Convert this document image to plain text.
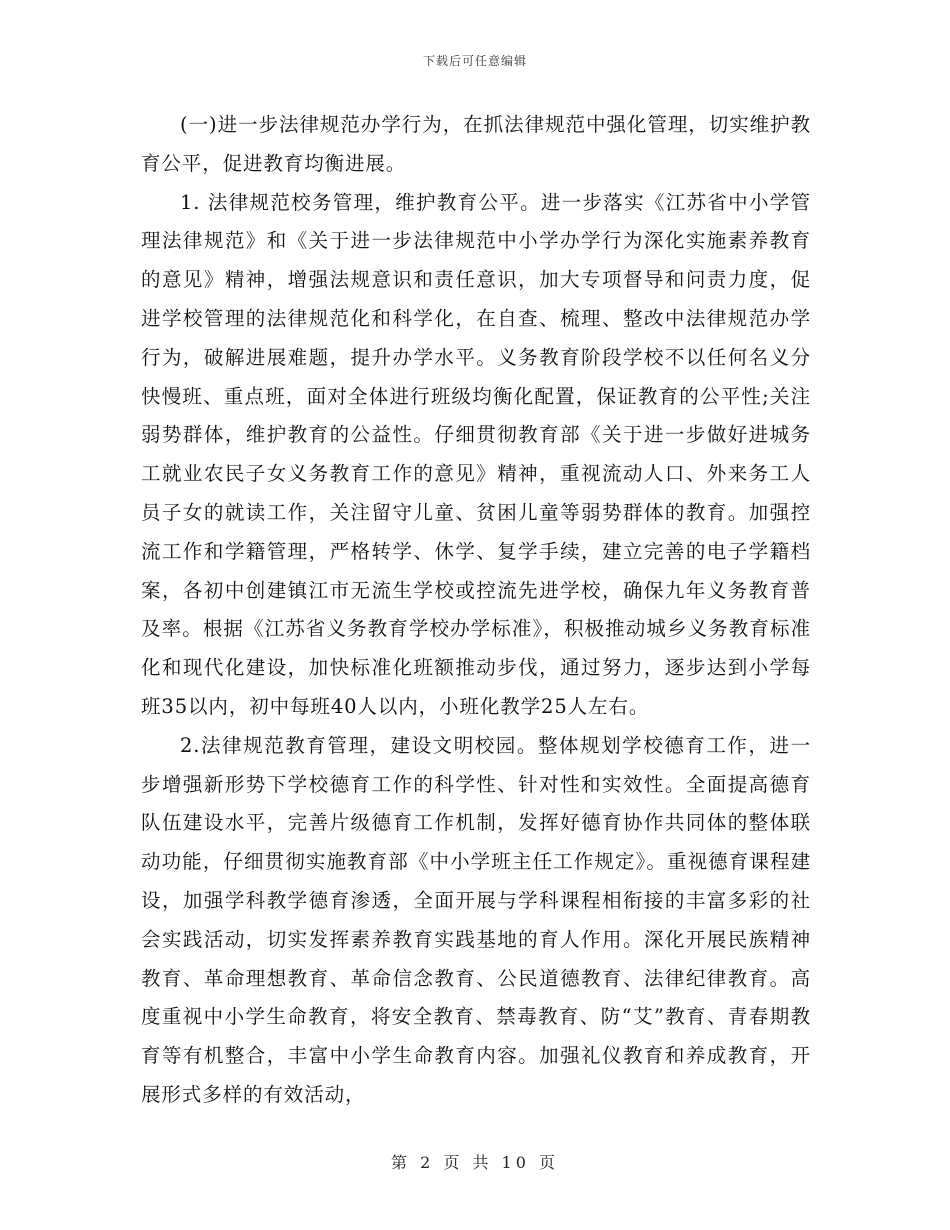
下载后可任意编辑

(一)进一步法律规范办学行为，在抓法律规范中强化管理，切实维护教育公平，促进教育均衡进展。

1. 法律规范校务管理，维护教育公平。进一步落实《江苏省中小学管理法律规范》和《关于进一步法律规范中小学办学行为深化实施素养教育的意见》精神，增强法规意识和责任意识，加大专项督导和问责力度，促进学校管理的法律规范化和科学化，在自查、梳理、整改中法律规范办学行为，破解进展难题，提升办学水平。义务教育阶段学校不以任何名义分快慢班、重点班，面对全体进行班级均衡化配置，保证教育的公平性;关注弱势群体，维护教育的公益性。仔细贯彻教育部《关于进一步做好进城务工就业农民子女义务教育工作的意见》精神，重视流动人口、外来务工人员子女的就读工作，关注留守儿童、贫困儿童等弱势群体的教育。加强控流工作和学籍管理，严格转学、休学、复学手续，建立完善的电子学籍档案，各初中创建镇江市无流生学校或控流先进学校，确保九年义务教育普及率。根据《江苏省义务教育学校办学标准》，积极推动城乡义务教育标准化和现代化建设，加快标准化班额推动步伐，通过努力，逐步达到小学每班35以内，初中每班40人以内，小班化教学25人左右。

2.法律规范教育管理，建设文明校园。整体规划学校德育工作，进一步增强新形势下学校德育工作的科学性、针对性和实效性。全面提高德育队伍建设水平，完善片级德育工作机制，发挥好德育协作共同体的整体联动功能，仔细贯彻实施教育部《中小学班主任工作规定》。重视德育课程建设，加强学科教学德育渗透，全面开展与学科课程相衔接的丰富多彩的社会实践活动，切实发挥素养教育实践基地的育人作用。深化开展民族精神教育、革命理想教育、革命信念教育、公民道德教育、法律纪律教育。高度重视中小学生命教育，将安全教育、禁毒教育、防“艾”教育、青春期教育等有机整合，丰富中小学生命教育内容。加强礼仪教育和养成教育，开展形式多样的有效活动，

第 2 页 共 10 页
